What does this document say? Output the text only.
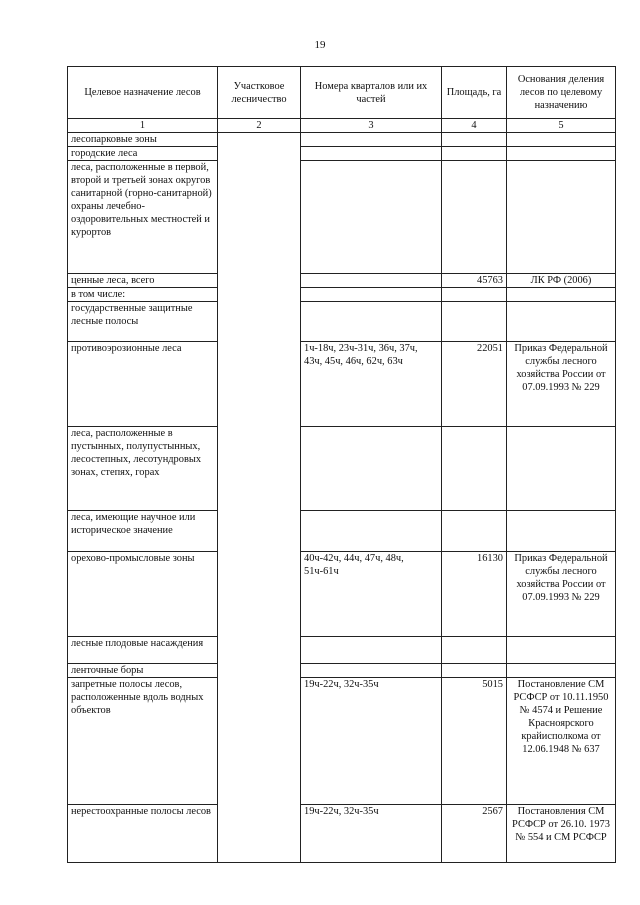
19
Целевое назначение лесов	Участковое лесничество	Номера кварталов или их частей	Площадь, га	Основания деления лесов по целевому назначению
1	2	3	4	5
лесопарковые зоны				
городские леса				
леса, расположенные в первой, второй и третьей зонах округов санитарной (горно-санитарной) охраны лечебно-оздоровительных местностей и курортов				
ценные леса, всего			45763	ЛК РФ (2006)
в том числе:				
государственные защитные лесные полосы				
противоэрозионные леса		1ч-18ч, 23ч-31ч, 36ч, 37ч, 43ч, 45ч, 46ч, 62ч, 63ч	22051	Приказ Федеральной службы лесного хозяйства России от 07.09.1993 № 229
леса, расположенные в пустынных, полупустынных, лесостепных, лесотундровых зонах, степях, горах				
леса, имеющие научное или историческое значение				
орехово-промысловые зоны		40ч-42ч, 44ч, 47ч, 48ч, 51ч-61ч	16130	Приказ Федеральной службы лесного хозяйства России от 07.09.1993 № 229
лесные плодовые насаждения				
ленточные боры				
запретные полосы лесов, расположенные вдоль водных объектов		19ч-22ч, 32ч-35ч	5015	Постановление СМ РСФСР от 10.11.1950 № 4574 и Решение Красноярского крайисполкома от 12.06.1948 № 637
нерестоохранные полосы лесов		19ч-22ч, 32ч-35ч	2567	Постановления СМ РСФСР от 26.10. 1973 № 554 и СМ РСФСР
